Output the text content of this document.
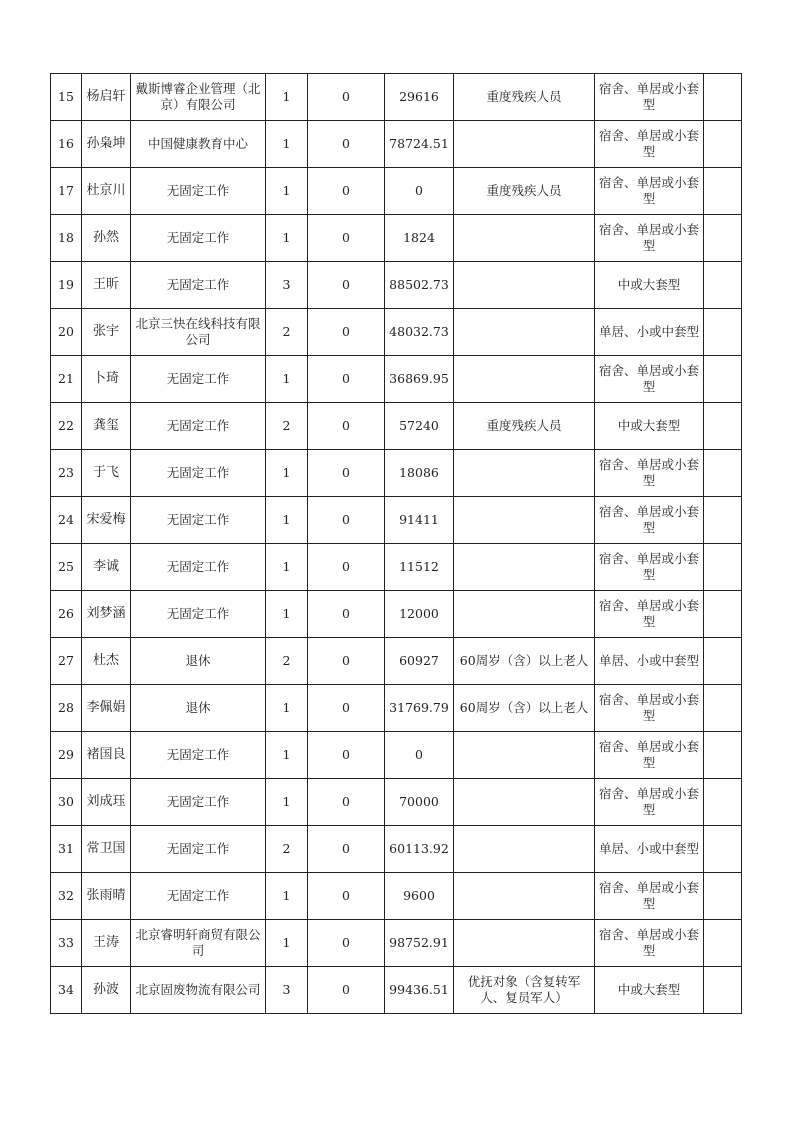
15	杨启轩	戴斯博睿企业管理（北京）有限公司	1	0	29616	重度残疾人员	宿舍、单居或小套型	
16	孙枭坤	中国健康教育中心	1	0	78724.51		宿舍、单居或小套型	
17	杜京川	无固定工作	1	0	0	重度残疾人员	宿舍、单居或小套型	
18	孙然	无固定工作	1	0	1824		宿舍、单居或小套型	
19	王昕	无固定工作	3	0	88502.73		中或大套型	
20	张宇	北京三快在线科技有限公司	2	0	48032.73		单居、小或中套型	
21	卜琦	无固定工作	1	0	36869.95		宿舍、单居或小套型	
22	龚玺	无固定工作	2	0	57240	重度残疾人员	中或大套型	
23	于飞	无固定工作	1	0	18086		宿舍、单居或小套型	
24	宋爱梅	无固定工作	1	0	91411		宿舍、单居或小套型	
25	李诚	无固定工作	1	0	11512		宿舍、单居或小套型	
26	刘梦涵	无固定工作	1	0	12000		宿舍、单居或小套型	
27	杜杰	退休	2	0	60927	60周岁（含）以上老人	单居、小或中套型	
28	李佩娟	退休	1	0	31769.79	60周岁（含）以上老人	宿舍、单居或小套型	
29	褚国良	无固定工作	1	0	0		宿舍、单居或小套型	
30	刘成珏	无固定工作	1	0	70000		宿舍、单居或小套型	
31	常卫国	无固定工作	2	0	60113.92		单居、小或中套型	
32	张雨晴	无固定工作	1	0	9600		宿舍、单居或小套型	
33	王涛	北京睿明轩商贸有限公司	1	0	98752.91		宿舍、单居或小套型	
34	孙波	北京固废物流有限公司	3	0	99436.51	优抚对象（含复转军人、复员军人）	中或大套型	
